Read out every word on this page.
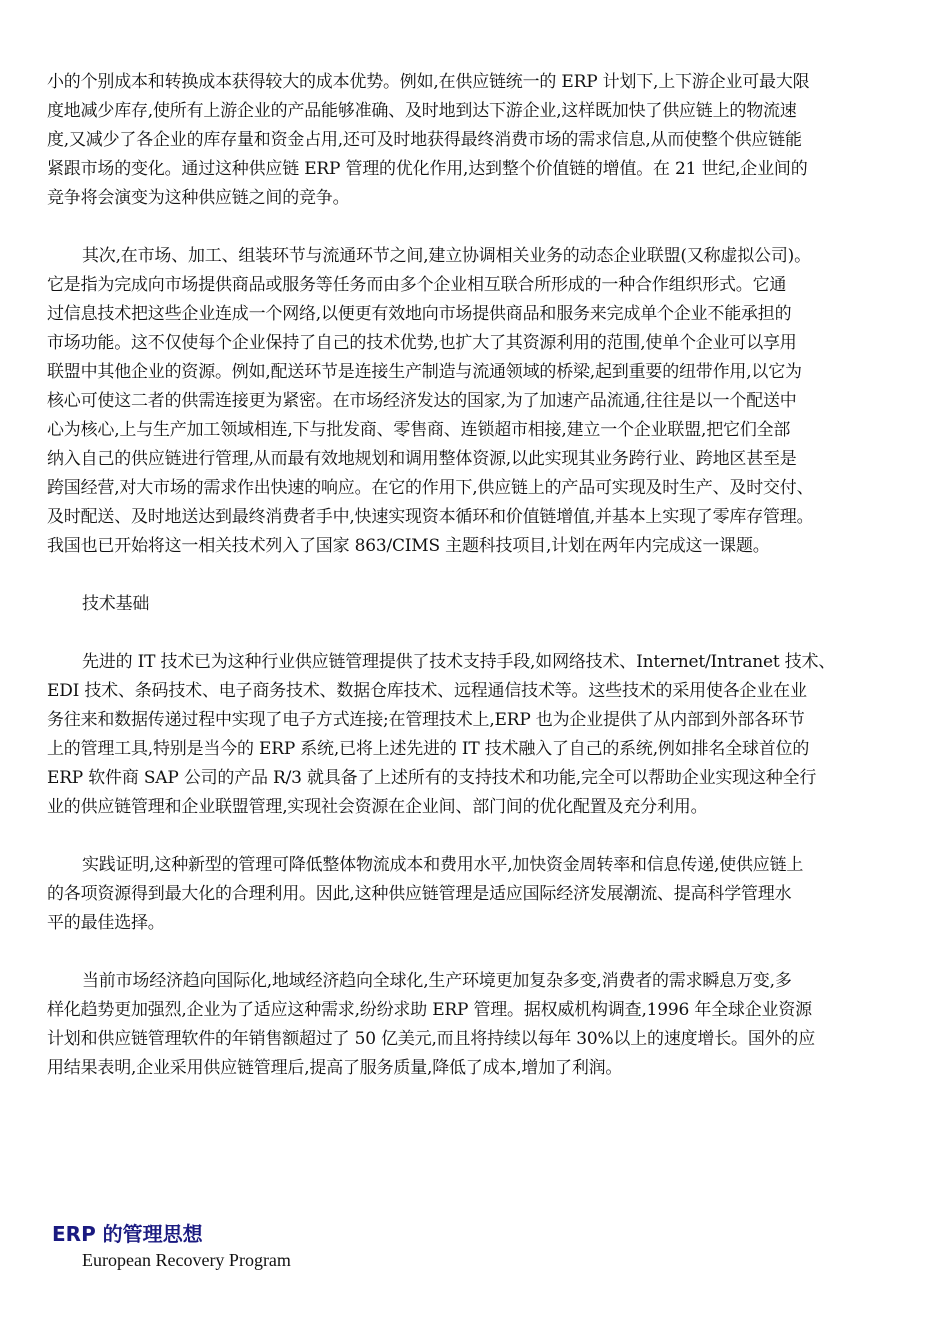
小的个别成本和转换成本获得较大的成本优势。例如,在供应链统一的 ERP 计划下,上下游企业可最大限
度地减少库存,使所有上游企业的产品能够准确、及时地到达下游企业,这样既加快了供应链上的物流速
度,又减少了各企业的库存量和资金占用,还可及时地获得最终消费市场的需求信息,从而使整个供应链能
紧跟市场的变化。通过这种供应链 ERP 管理的优化作用,达到整个价值链的增值。在 21 世纪,企业间的
竞争将会演变为这种供应链之间的竞争。
其次,在市场、加工、组装环节与流通环节之间,建立协调相关业务的动态企业联盟(又称虚拟公司)。
它是指为完成向市场提供商品或服务等任务而由多个企业相互联合所形成的一种合作组织形式。它通
过信息技术把这些企业连成一个网络,以便更有效地向市场提供商品和服务来完成单个企业不能承担的
市场功能。这不仅使每个企业保持了自己的技术优势,也扩大了其资源利用的范围,使单个企业可以享用
联盟中其他企业的资源。例如,配送环节是连接生产制造与流通领域的桥梁,起到重要的纽带作用,以它为
核心可使这二者的供需连接更为紧密。在市场经济发达的国家,为了加速产品流通,往往是以一个配送中
心为核心,上与生产加工领域相连,下与批发商、零售商、连锁超市相接,建立一个企业联盟,把它们全部
纳入自己的供应链进行管理,从而最有效地规划和调用整体资源,以此实现其业务跨行业、跨地区甚至是
跨国经营,对大市场的需求作出快速的响应。在它的作用下,供应链上的产品可实现及时生产、及时交付、
及时配送、及时地送达到最终消费者手中,快速实现资本循环和价值链增值,并基本上实现了零库存管理。
我国也已开始将这一相关技术列入了国家 863/CIMS 主题科技项目,计划在两年内完成这一课题。
技术基础
先进的 IT 技术已为这种行业供应链管理提供了技术支持手段,如网络技术、Internet/Intranet 技术、
EDI 技术、条码技术、电子商务技术、数据仓库技术、远程通信技术等。这些技术的采用使各企业在业
务往来和数据传递过程中实现了电子方式连接;在管理技术上,ERP 也为企业提供了从内部到外部各环节
上的管理工具,特别是当今的 ERP 系统,已将上述先进的 IT 技术融入了自己的系统,例如排名全球首位的
ERP 软件商 SAP 公司的产品 R/3 就具备了上述所有的支持技术和功能,完全可以帮助企业实现这种全行
业的供应链管理和企业联盟管理,实现社会资源在企业间、部门间的优化配置及充分利用。
实践证明,这种新型的管理可降低整体物流成本和费用水平,加快资金周转率和信息传递,使供应链上
的各项资源得到最大化的合理利用。因此,这种供应链管理是适应国际经济发展潮流、提高科学管理水
平的最佳选择。
当前市场经济趋向国际化,地域经济趋向全球化,生产环境更加复杂多变,消费者的需求瞬息万变,多
样化趋势更加强烈,企业为了适应这种需求,纷纷求助 ERP 管理。据权威机构调查,1996 年全球企业资源
计划和供应链管理软件的年销售额超过了 50 亿美元,而且将持续以每年 30%以上的速度增长。国外的应
用结果表明,企业采用供应链管理后,提高了服务质量,降低了成本,增加了利润。
ERP 的管理思想
European Recovery Program
